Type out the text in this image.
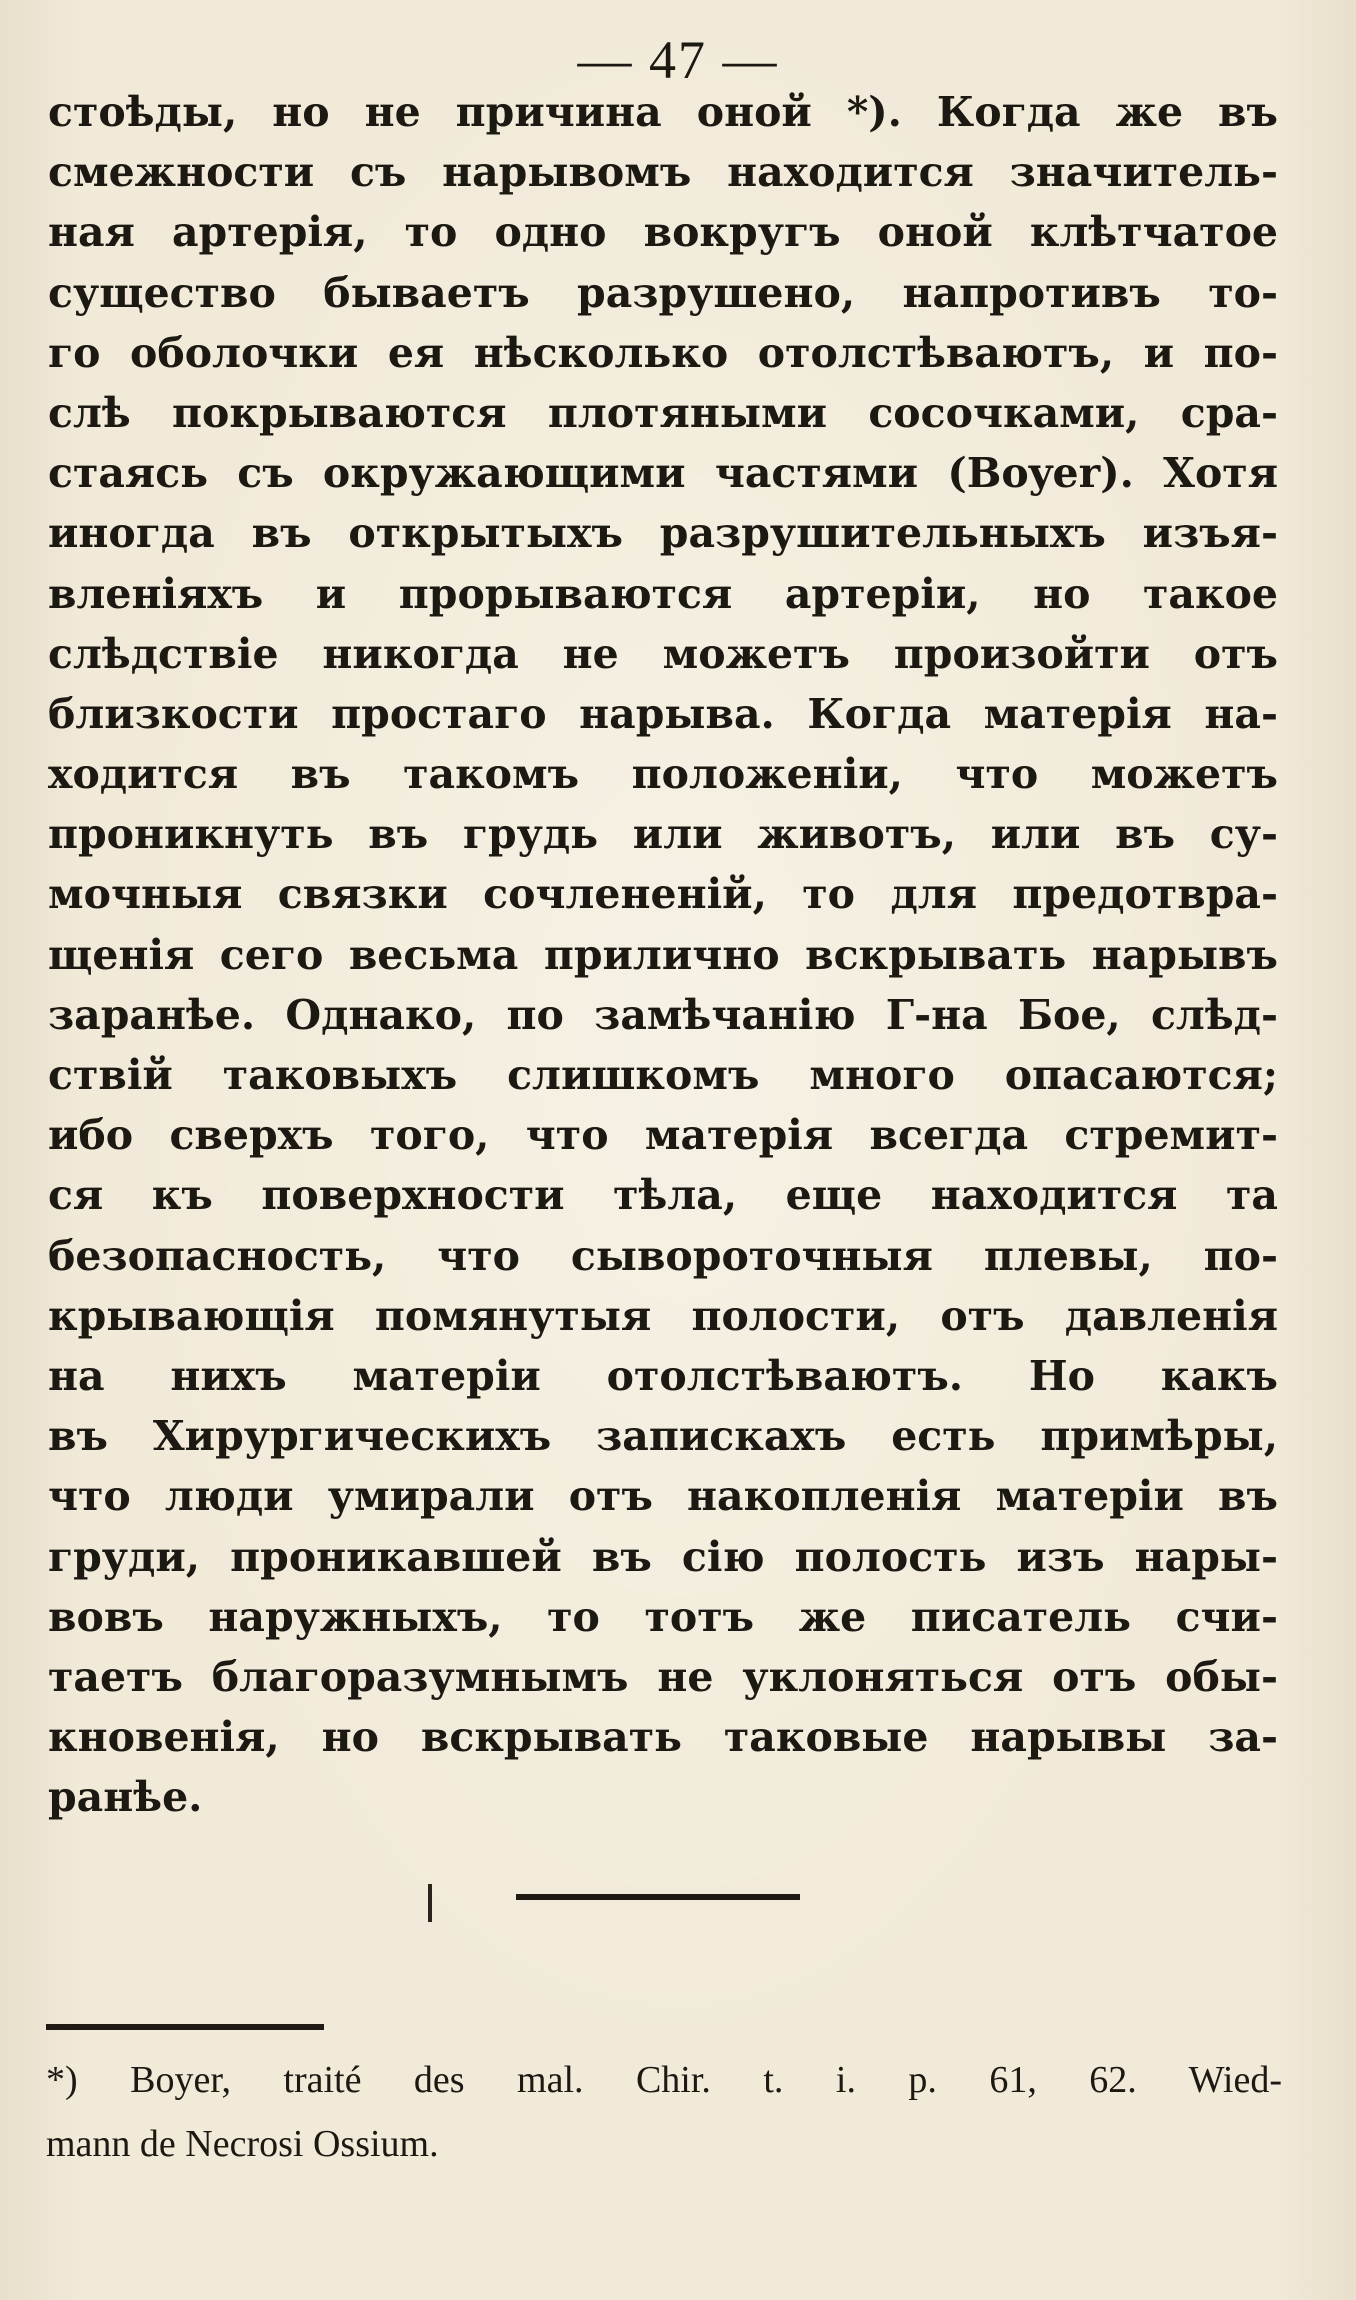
— 47 —
стоѣды, но не причина оной *). Когда же въ
смежности съ нарывомъ находится значитель-
ная артерія, то одно вокругъ оной клѣтчатое
существо бываетъ разрушено, напротивъ то-
го оболочки ея нѣсколько отолстѣваютъ, и по-
слѣ покрываются плотяными сосочками, сра-
стаясь съ окружающими частями (Boyer). Хотя
иногда въ открытыхъ разрушительныхъ изъя-
вленіяхъ и прорываются артеріи, но такое
слѣдствіе никогда не можетъ произойти отъ
близкости простаго нарыва. Когда матерія на-
ходится въ такомъ положеніи, что можетъ
проникнуть въ грудь или животъ, или въ су-
мочныя связки сочлененій, то для предотвра-
щенія сего весьма прилично вскрывать нарывъ
заранѣе. Однако, по замѣчанію Г-на Бое, слѣд-
ствій таковыхъ слишкомъ много опасаются;
ибо сверхъ того, что матерія всегда стремит-
ся къ поверхности тѣла, еще находится та
безопасность, что сывороточныя плевы, по-
крывающія помянутыя полости, отъ давленія
на нихъ матеріи отолстѣваютъ. Но какъ
въ Хирургическихъ запискахъ есть примѣры,
что люди умирали отъ накопленія матеріи въ
груди, проникавшей въ сію полость изъ нары-
вовъ наружныхъ, то тотъ же писатель счи-
таетъ благоразумнымъ не уклоняться отъ обы-
кновенія, но вскрывать таковые нарывы за-
ранѣе.
*) Boyer, traité des mal. Chir. t. i. p. 61, 62. Wied-
mann de Necrosi Ossium.
